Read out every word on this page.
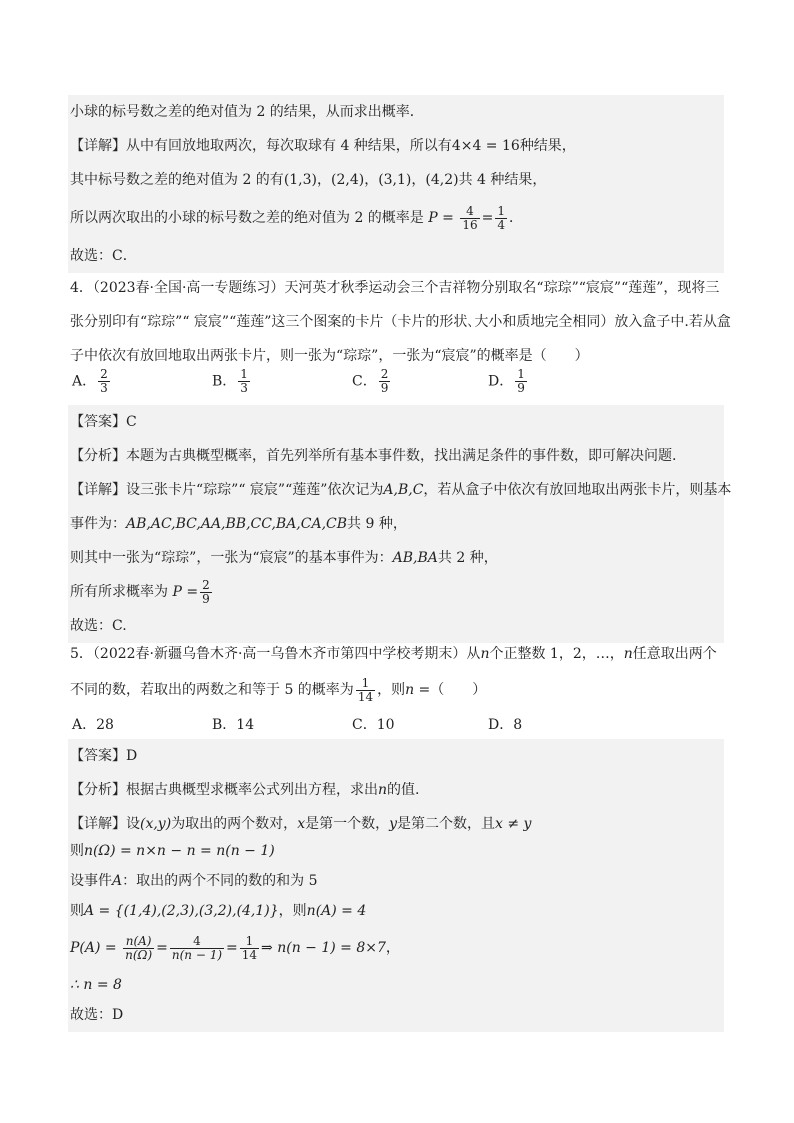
小球的标号数之差的绝对值为 2 的结果，从而求出概率．
【详解】从中有回放地取两次，每次取球有 4 种结果，所以有4×4 = 16种结果，
其中标号数之差的绝对值为 2 的有(1,3)，(2,4)，(3,1)，(4,2)共 4 种结果，
所以两次取出的小球的标号数之差的绝对值为 2 的概率是 $P = \frac{4}{16} = \frac{1}{4}$ ．
故选：C．
4．（2023春·全国·高一专题练习）天河英才秋季运动会三个吉祥物分别取名“琮琮”“宸宸”“莲莲”，现将三
张分别印有“琮琮”“ 宸宸”“莲莲”这三个图案的卡片（卡片的形状､大小和质地完全相同）放入盒子中.若从盒
子中依次有放回地取出两张卡片，则一张为“琮琮”，一张为“宸宸”的概率是（　　）
A． $\frac{2}{3}$	B． $\frac{1}{3}$	C． $\frac{2}{9}$	D． $\frac{1}{9}$
【答案】C
【分析】本题为古典概型概率，首先列举所有基本事件数，找出满足条件的事件数，即可解决问题.
【详解】设三张卡片“琮琮”“ 宸宸”“莲莲”依次记为A,B,C，若从盒子中依次有放回地取出两张卡片，则基本
事件为：AB,AC,BC,AA,BB,CC,BA,CA,CB共 9 种，
则其中一张为“琮琮”，一张为“宸宸”的基本事件为：AB,BA共 2 种，
所有所求概率为 $P = \frac{2}{9}$
故选：C.
5．（2022春·新疆乌鲁木齐·高一乌鲁木齐市第四中学校考期末）从n个正整数 1，2，…，n任意取出两个
不同的数，若取出的两数之和等于 5 的概率为 $\frac{1}{14}$ ，则n =（　　）
A．28	B．14	C．10	D．8
【答案】D
【分析】根据古典概型求概率公式列出方程，求出n的值.
【详解】设(x,y)为取出的两个数对，x是第一个数，y是第二个数，且x ≠ y
则n(Ω) = n×n − n = n(n − 1)
设事件A：取出的两个不同的数的和为 5
则A = {(1,4),(2,3),(3,2),(4,1)}，则n(A) = 4
$P(A) = \frac{n(A)}{n(\Omega)} = \frac{4}{n(n - 1)} = \frac{1}{14}$ ⇒ n(n − 1) = 8×7，
∴ n = 8
故选：D
